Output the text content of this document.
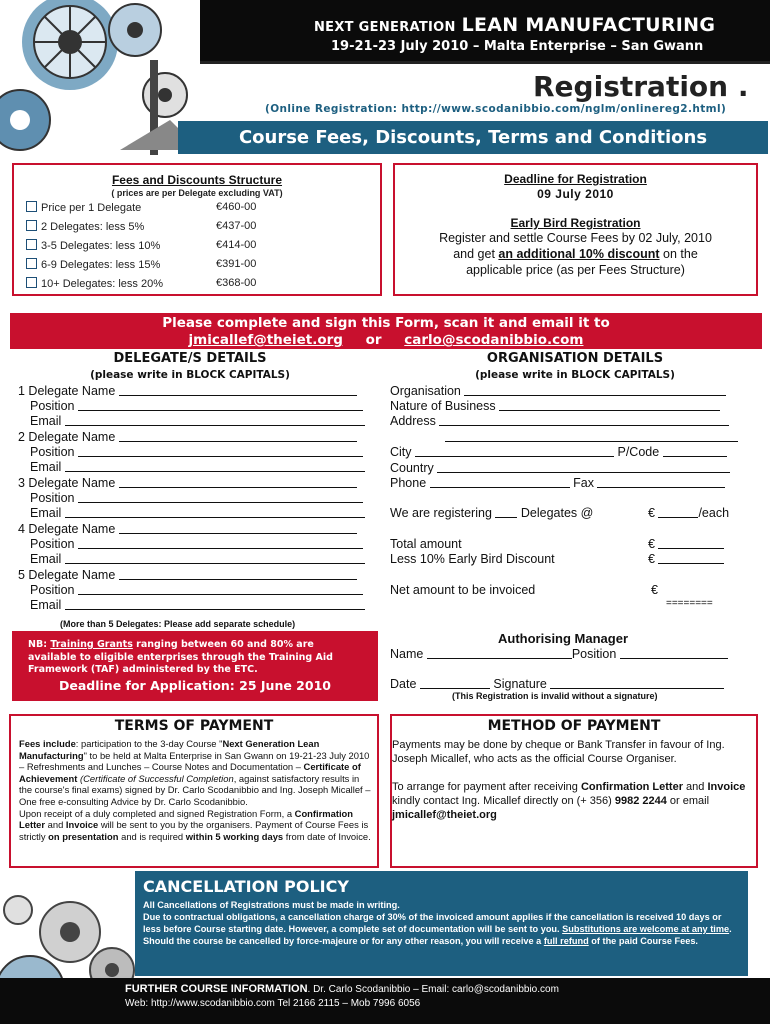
NEXT GENERATION LEAN MANUFACTURING
19-21-23 July 2010 – Malta Enterprise – San Gwann
Registration .
(Online Registration: http://www.scodanibbio.com/nglm/onlinereg2.html)
Course Fees, Discounts, Terms and Conditions
Fees and Discounts Structure
( prices are per Delegate excluding VAT)
Price per 1 Delegate	€460-00
2 Delegates: less 5%	€437-00
3-5 Delegates: less 10%	€414-00
6-9 Delegates: less 15%	€391-00
10+ Delegates: less 20%	€368-00
Deadline for Registration
09 July 2010
Early Bird Registration
Register and settle Course Fees by 02 July, 2010
and get an additional 10% discount on the
applicable price (as per Fees Structure)
Please complete and sign this Form, scan it and email it to
jmicallef@theiet.org or carlo@scodanibbio.com
DELEGATE/S DETAILS
(please write in BLOCK CAPITALS)
1 Delegate Name
Position
Email
2 Delegate Name
Position
Email
3 Delegate Name
Position
Email
4 Delegate Name
Position
Email
5 Delegate Name
Position
Email
(More than 5 Delegates: Please add separate schedule)
NB: Training Grants ranging between 60 and 80% are available to eligible enterprises through the Training Aid Framework (TAF) administered by the ETC.
Deadline for Application: 25 June 2010
ORGANISATION DETAILS
(please write in BLOCK CAPITALS)
Organisation
Nature of Business
Address
City	P/Code
Country
Phone	Fax
We are registering Delegates @	€	/each
Total amount	€
Less 10% Early Bird Discount	€
Net amount to be invoiced	€
========
Authorising Manager
Name	Position
Date	Signature
(This Registration is invalid without a signature)
TERMS OF PAYMENT
Fees include: participation to the 3-day Course "Next Generation Lean Manufacturing" to be held at Malta Enterprise in San Gwann on 19-21-23 July 2010 – Refreshments and Lunches – Course Notes and Documentation – Certificate of Achievement (Certificate of Successful Completion, against satisfactory results in the course's final exams) signed by Dr. Carlo Scodanibbio and Ing. Joseph Micallef – One free e-consulting Advice by Dr. Carlo Scodanibbio.
Upon receipt of a duly completed and signed Registration Form, a Confirmation Letter and Invoice will be sent to you by the organisers. Payment of Course Fees is strictly on presentation and is required within 5 working days from date of Invoice.
METHOD OF PAYMENT
Payments may be done by cheque or Bank Transfer in favour of Ing. Joseph Micallef, who acts as the official Course Organiser.
To arrange for payment after receiving Confirmation Letter and Invoice kindly contact Ing. Micallef directly on (+ 356) 9982 2244 or email jmicallef@theiet.org
CANCELLATION POLICY
All Cancellations of Registrations must be made in writing.
Due to contractual obligations, a cancellation charge of 30% of the invoiced amount applies if the cancellation is received 10 days or less before Course starting date. However, a complete set of documentation will be sent to you. Substitutions are welcome at any time.
Should the course be cancelled by force-majeure or for any other reason, you will receive a full refund of the paid Course Fees.
FURTHER COURSE INFORMATION. Dr. Carlo Scodanibbio – Email: carlo@scodanibbio.com
Web: http://www.scodanibbio.com Tel 2166 2115 – Mob 7996 6056
